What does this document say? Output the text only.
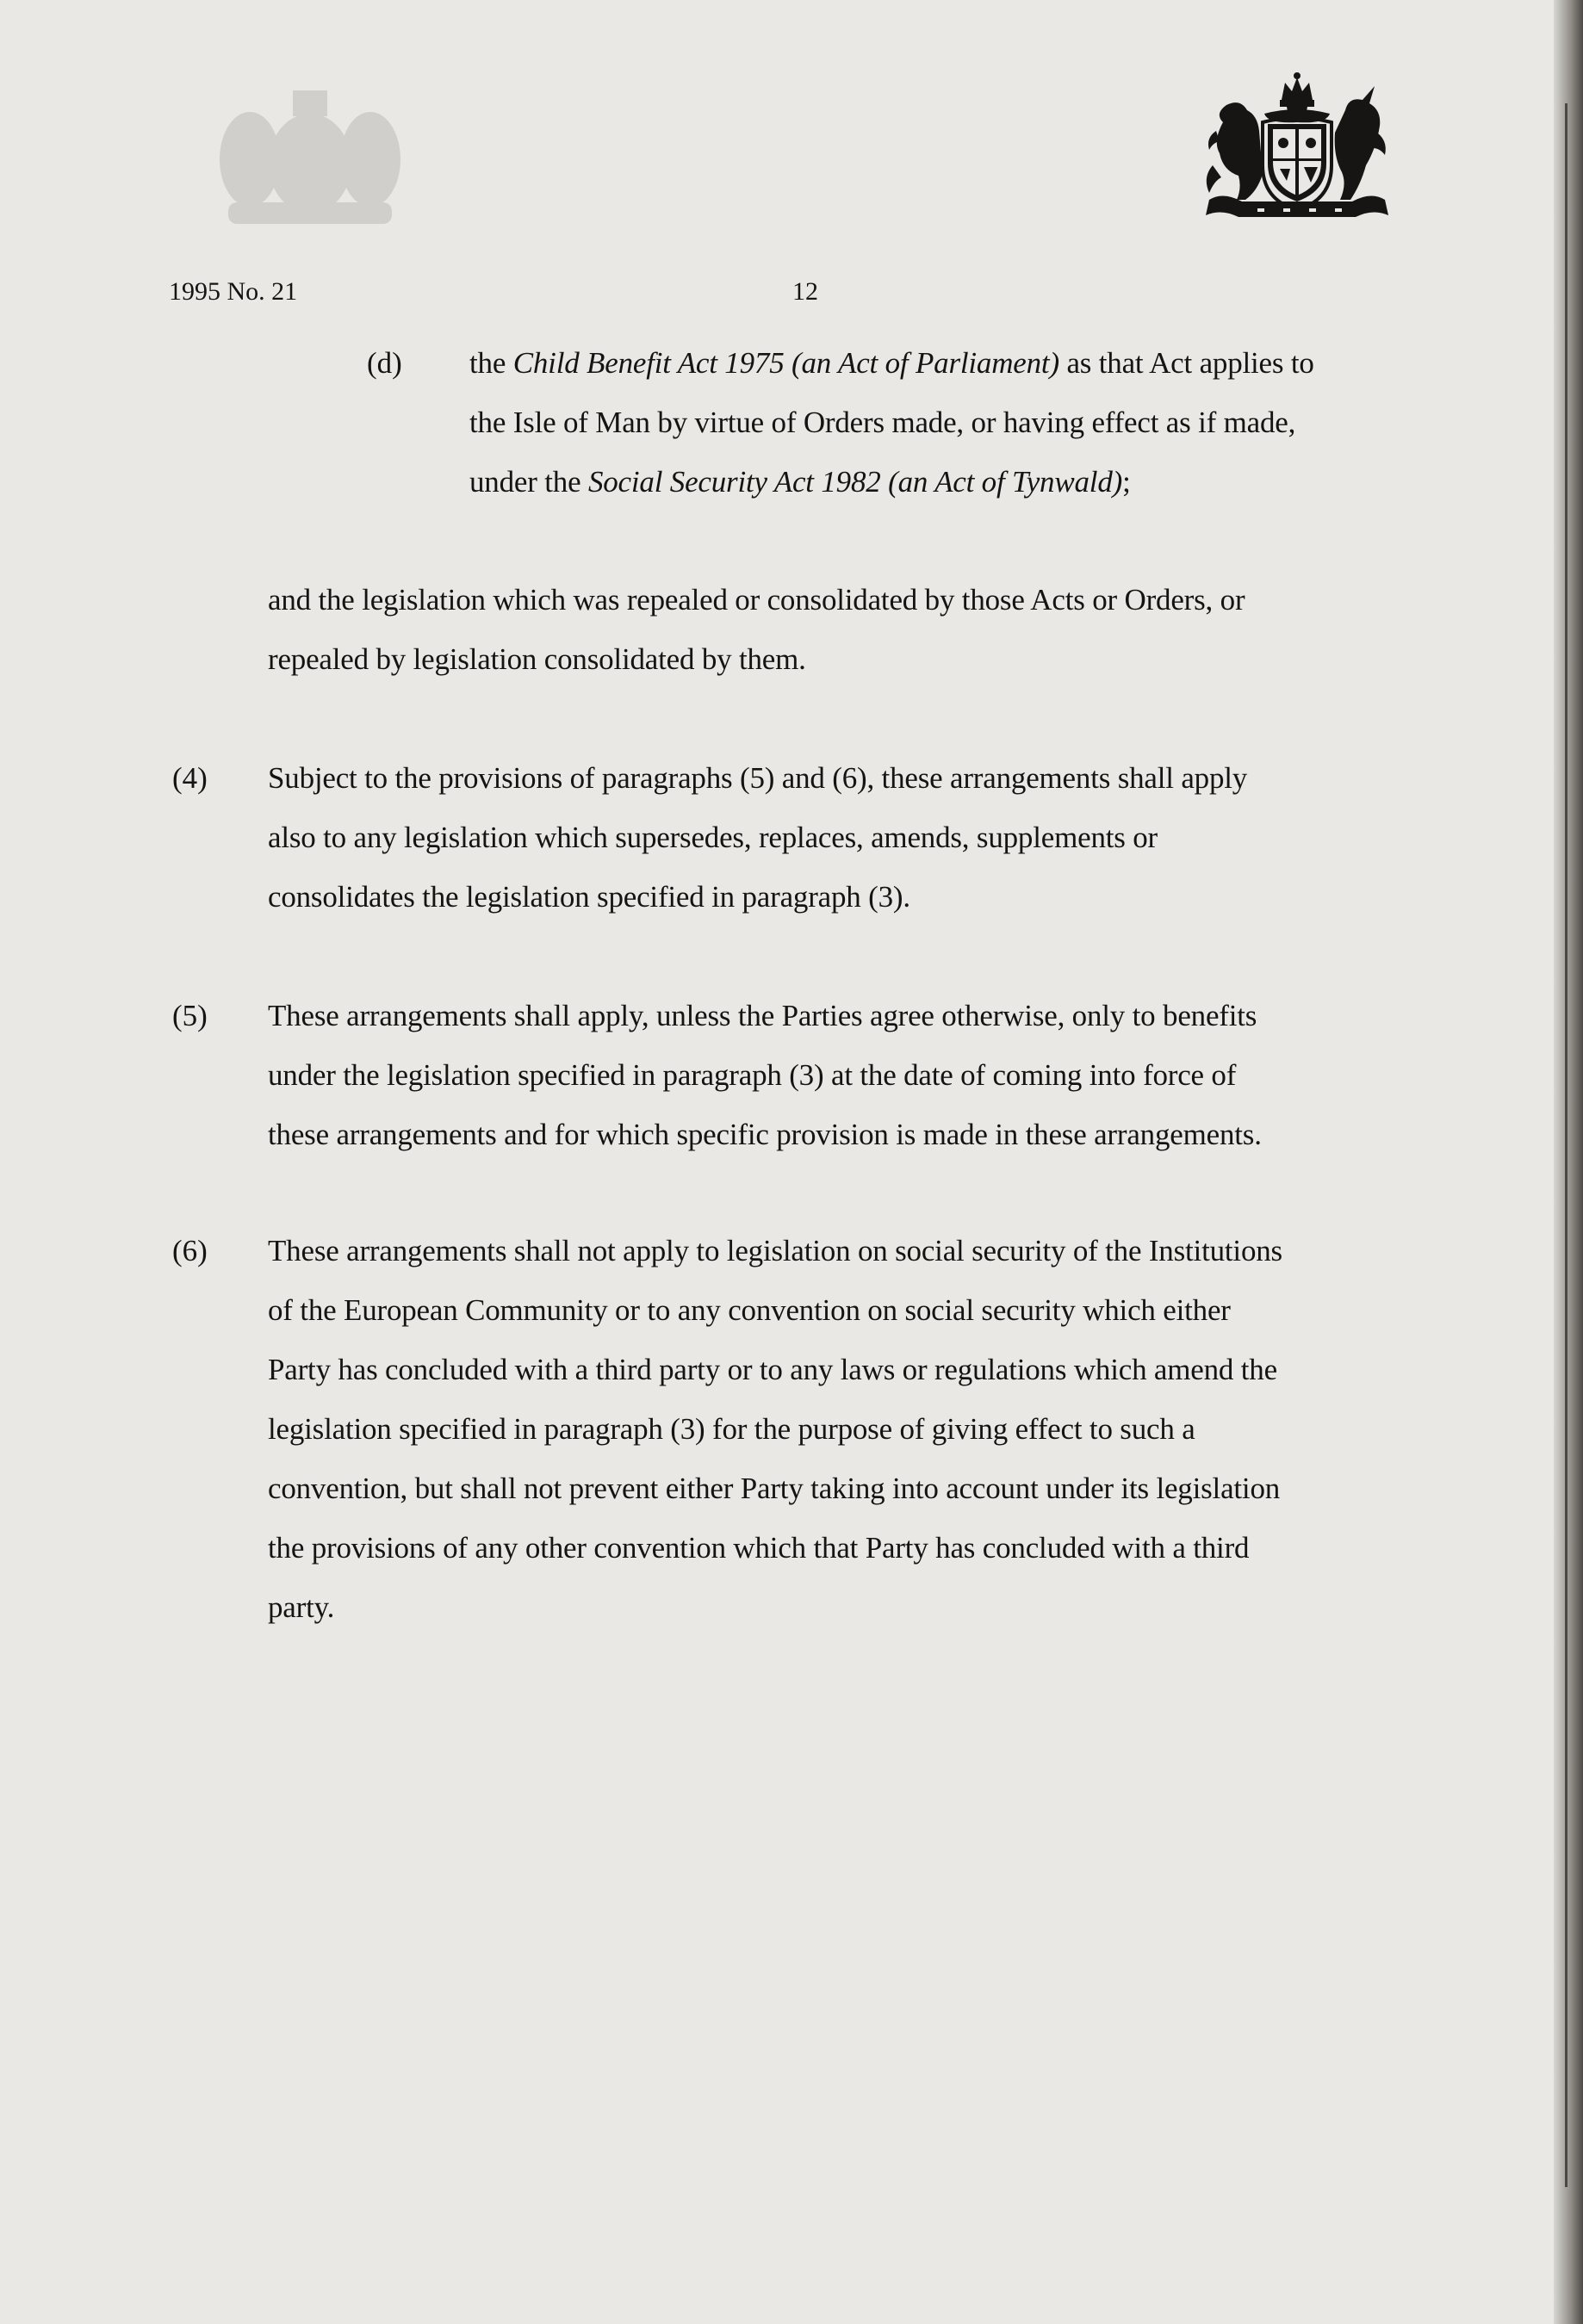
1995 No. 21	12
(d) the Child Benefit Act 1975 (an Act of Parliament) as that Act applies to
the Isle of Man by virtue of Orders made, or having effect as if made,
under the Social Security Act 1982 (an Act of Tynwald);
and the legislation which was repealed or consolidated by those Acts or Orders, or
repealed by legislation consolidated by them.
(4) Subject to the provisions of paragraphs (5) and (6), these arrangements shall apply
also to any legislation which supersedes, replaces, amends, supplements or
consolidates the legislation specified in paragraph (3).
(5) These arrangements shall apply, unless the Parties agree otherwise, only to benefits
under the legislation specified in paragraph (3) at the date of coming into force of
these arrangements and for which specific provision is made in these arrangements.
(6) These arrangements shall not apply to legislation on social security of the Institutions
of the European Community or to any convention on social security which either
Party has concluded with a third party or to any laws or regulations which amend the
legislation specified in paragraph (3) for the purpose of giving effect to such a
convention, but shall not prevent either Party taking into account under its legislation
the provisions of any other convention which that Party has concluded with a third
party.
